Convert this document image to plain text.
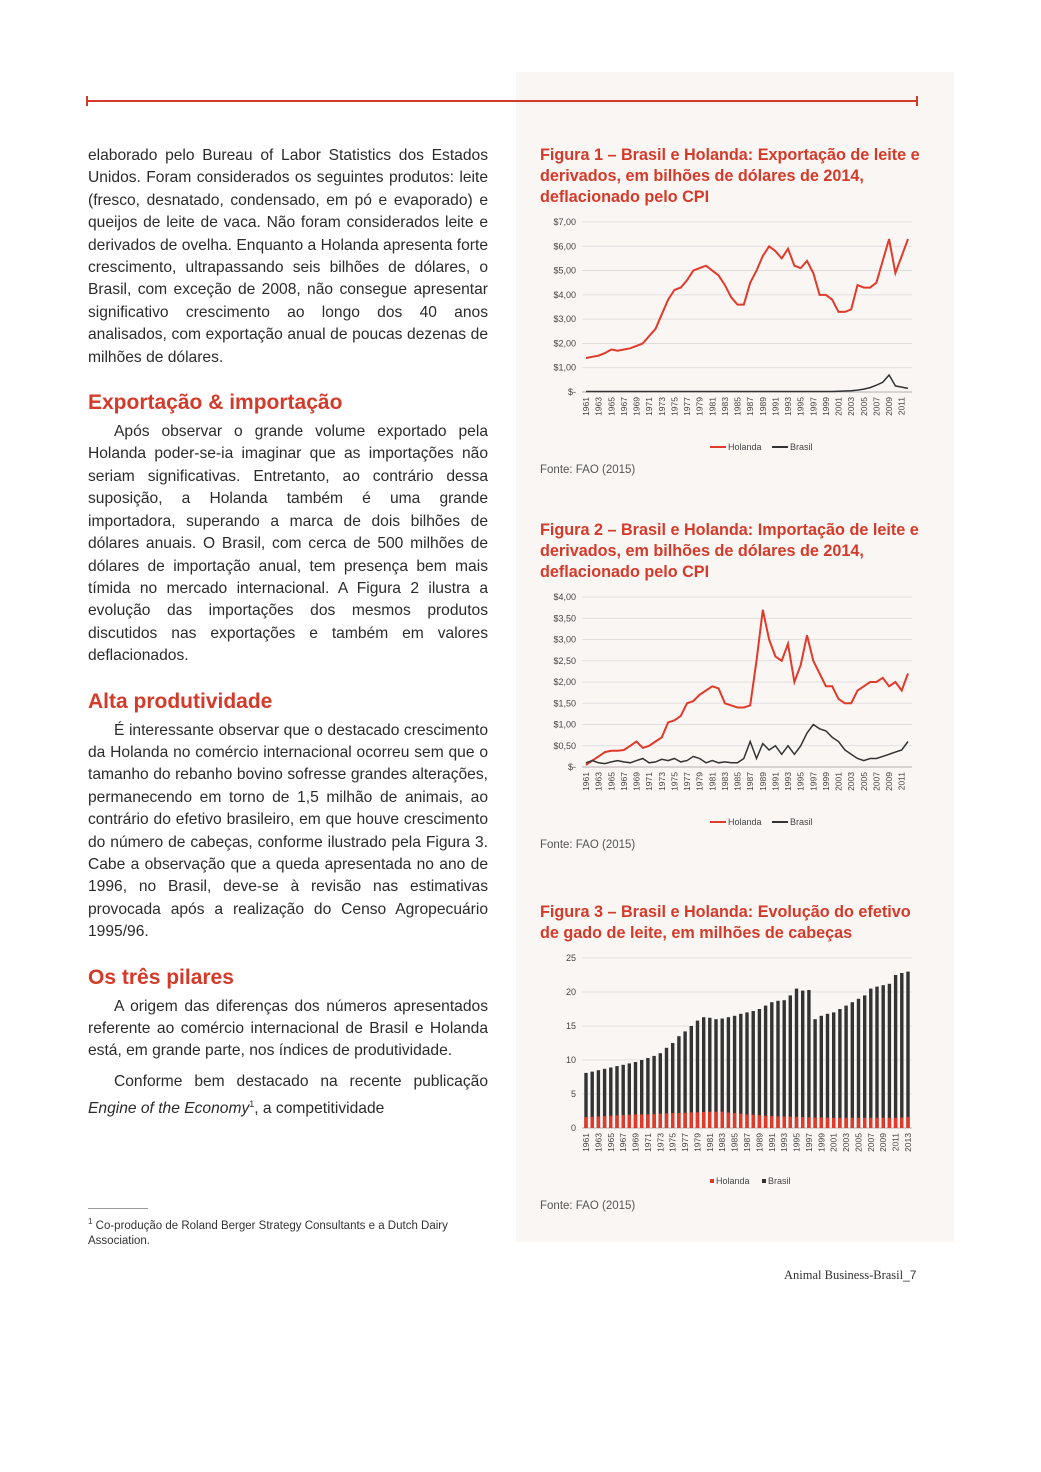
elaborado pelo Bureau of Labor Statistics dos Estados Unidos. Foram considerados os seguintes produtos: leite (fresco, desnatado, condensado, em pó e evaporado) e queijos de leite de vaca. Não foram considerados leite e derivados de ovelha. Enquanto a Holanda apresenta forte crescimento, ultrapassando seis bilhões de dólares, o Brasil, com exceção de 2008, não consegue apresentar significativo crescimento ao longo dos 40 anos analisados, com exportação anual de poucas dezenas de milhões de dólares.

Exportação & importação

Após observar o grande volume exportado pela Holanda poder-se-ia imaginar que as importações não seriam significativas. Entretanto, ao contrário dessa suposição, a Holanda também é uma grande importadora, superando a marca de dois bilhões de dólares anuais. O Brasil, com cerca de 500 milhões de dólares de importação anual, tem presença bem mais tímida no mercado internacional. A Figura 2 ilustra a evolução das importações dos mesmos produtos discutidos nas exportações e também em valores deflacionados.

Alta produtividade

É interessante observar que o destacado crescimento da Holanda no comércio internacional ocorreu sem que o tamanho do rebanho bovino sofresse grandes alterações, permanecendo em torno de 1,5 milhão de animais, ao contrário do efetivo brasileiro, em que houve crescimento do número de cabeças, conforme ilustrado pela Figura 3. Cabe a observação que a queda apresentada no ano de 1996, no Brasil, deve-se à revisão nas estimativas provocada após a realização do Censo Agropecuário 1995/96.

Os três pilares

A origem das diferenças dos números apresentados referente ao comércio internacional de Brasil e Holanda está, em grande parte, nos índices de produtividade.

Conforme bem destacado na recente publicação Engine of the Economy$^1$, a competitividade

$^1$ Co-produção de Roland Berger Strategy Consultants e a Dutch Dairy Association.

Figura 1 – Brasil e Holanda: Exportação de leite e derivados, em bilhões de dólares de 2014, deflacionado pelo CPI

$7,00
$6,00
$5,00
$4,00
$3,00
$2,00
$1,00
$-
1961 1963 1965 1967 1969 1971 1973 1975 1977 1979 1981 1983 1985 1987 1989 1991 1993 1995 1997 1999 2001 2003 2005 2007 2009 2011
Holanda	Brasil
Fonte: FAO (2015)

Figura 2 – Brasil e Holanda: Importação de leite e derivados, em bilhões de dólares de 2014, deflacionado pelo CPI

$4,00
$3,50
$3,00
$2,50
$2,00
$1,50
$1,00
$0,50
$-
1961 1963 1965 1967 1969 1971 1973 1975 1977 1979 1981 1983 1985 1987 1989 1991 1993 1995 1997 1999 2001 2003 2005 2007 2009 2011
Holanda	Brasil
Fonte: FAO (2015)

Figura 3 – Brasil e Holanda: Evolução do efetivo de gado de leite, em milhões de cabeças

25
20
15
10
5
0
1961 1963 1965 1967 1969 1971 1973 1975 1977 1979 1981 1983 1985 1987 1989 1991 1993 1995 1997 1999 2001 2003 2005 2007 2009 2011 2013
Holanda Brasil
Fonte: FAO (2015)
Animal Business-Brasil_7
